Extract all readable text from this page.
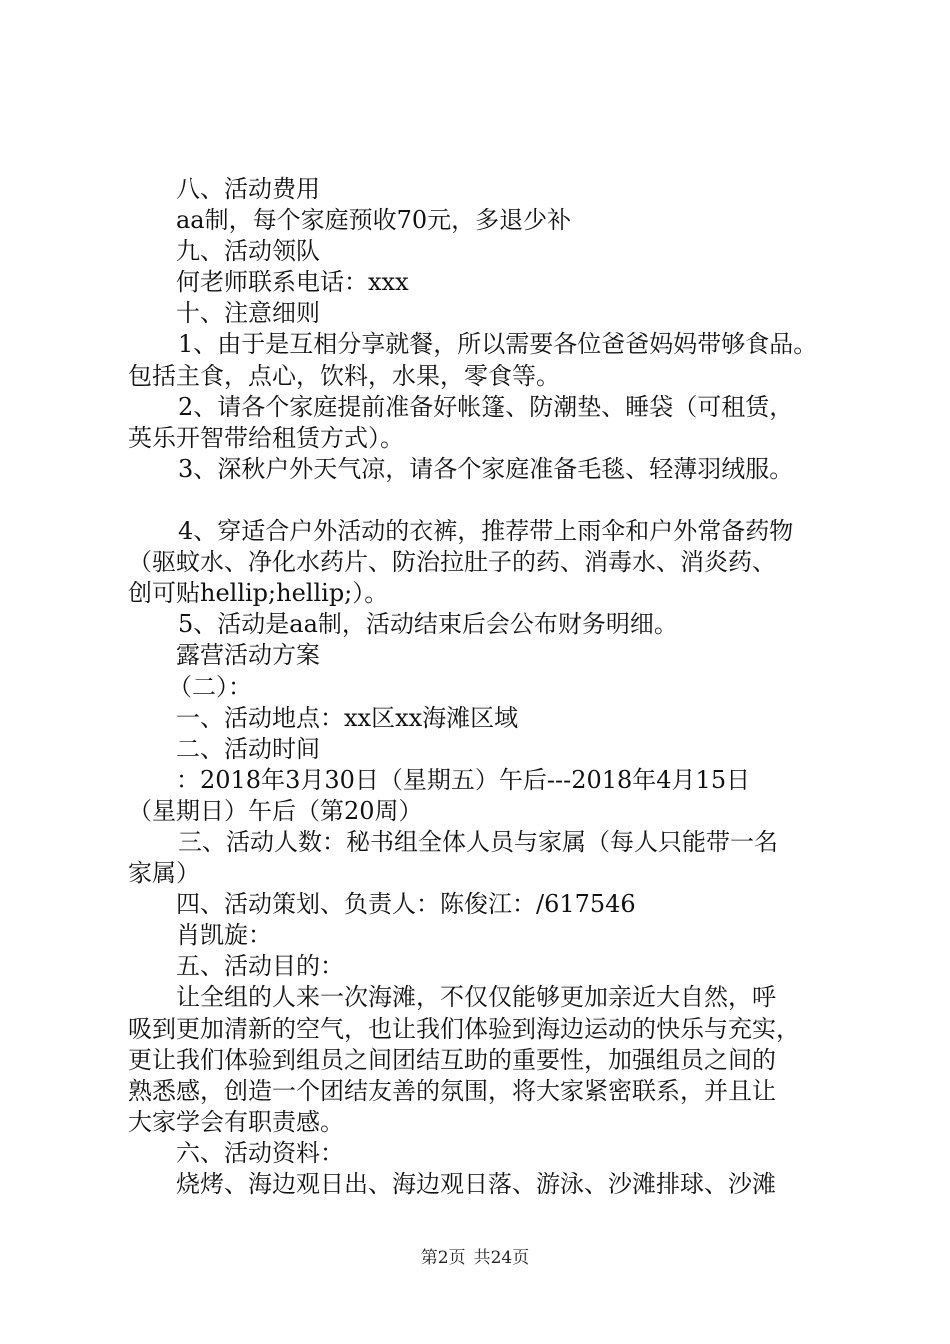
八、活动费用
aa制，每个家庭预收70元，多退少补
九、活动领队
何老师联系电话：xxx
十、注意细则
1、由于是互相分享就餐，所以需要各位爸爸妈妈带够食品。
包括主食，点心，饮料，水果，零食等。
2、请各个家庭提前准备好帐篷、防潮垫、睡袋（可租赁，
英乐开智带给租赁方式）。
3、深秋户外天气凉，请各个家庭准备毛毯、轻薄羽绒服。
4、穿适合户外活动的衣裤，推荐带上雨伞和户外常备药物
（驱蚊水、净化水药片、防治拉肚子的药、消毒水、消炎药、
创可贴hellip;hellip;）。
5、活动是aa制，活动结束后会公布财务明细。
露营活动方案
（二）：
一、活动地点：xx区xx海滩区域
二、活动时间
：2018年3月30日（星期五）午后---2018年4月15日
（星期日）午后（第20周）
三、活动人数：秘书组全体人员与家属（每人只能带一名
家属）
四、活动策划、负责人：陈俊江：/617546
肖凯旋：
五、活动目的：
让全组的人来一次海滩，不仅仅能够更加亲近大自然，呼
吸到更加清新的空气，也让我们体验到海边运动的快乐与充实，
更让我们体验到组员之间团结互助的重要性，加强组员之间的
熟悉感，创造一个团结友善的氛围，将大家紧密联系，并且让
大家学会有职责感。
六、活动资料：
烧烤、海边观日出、海边观日落、游泳、沙滩排球、沙滩
第2页 共24页
